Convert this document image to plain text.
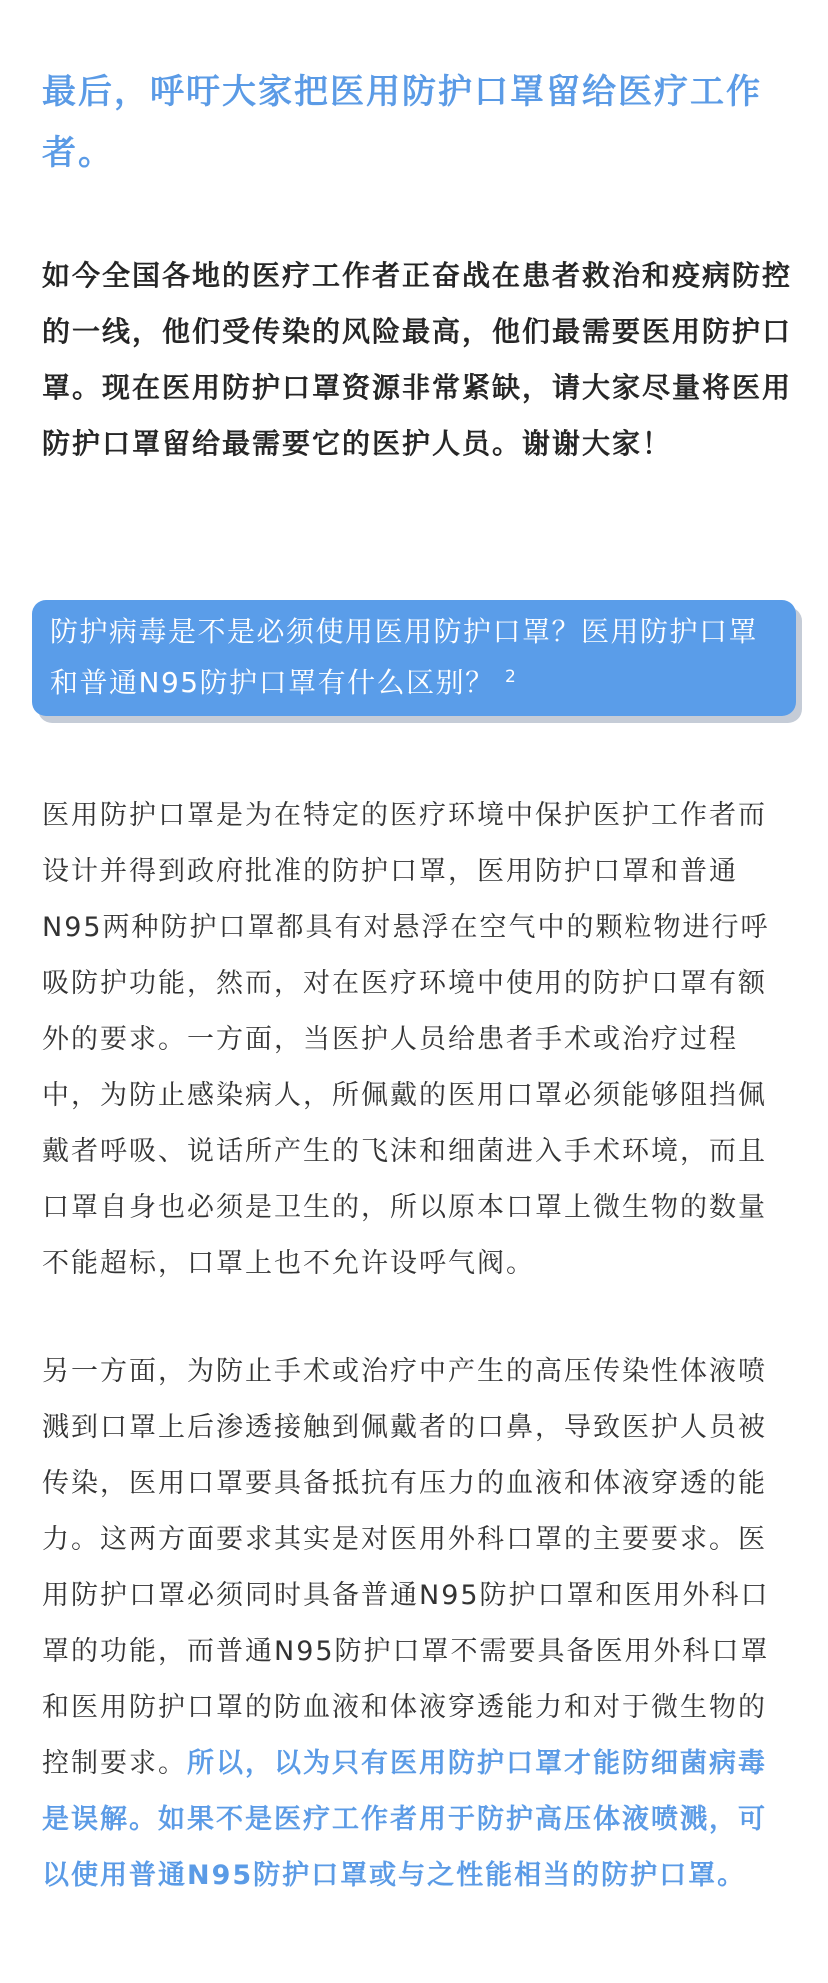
最后，呼吁大家把医用防护口罩留给医疗工作者。

如今全国各地的医疗工作者正奋战在患者救治和疫病防控的一线，他们受传染的风险最高，他们最需要医用防护口罩。现在医用防护口罩资源非常紧缺，请大家尽量将医用防护口罩留给最需要它的医护人员。谢谢大家！

防护病毒是不是必须使用医用防护口罩？医用防护口罩和普通N95防护口罩有什么区别？ $^2$

医用防护口罩是为在特定的医疗环境中保护医护工作者而设计并得到政府批准的防护口罩，医用防护口罩和普通N95两种防护口罩都具有对悬浮在空气中的颗粒物进行呼吸防护功能，然而，对在医疗环境中使用的防护口罩有额外的要求。一方面，当医护人员给患者手术或治疗过程中，为防止感染病人，所佩戴的医用口罩必须能够阻挡佩戴者呼吸、说话所产生的飞沫和细菌进入手术环境，而且口罩自身也必须是卫生的，所以原本口罩上微生物的数量不能超标，口罩上也不允许设呼气阀。

另一方面，为防止手术或治疗中产生的高压传染性体液喷溅到口罩上后渗透接触到佩戴者的口鼻，导致医护人员被传染，医用口罩要具备抵抗有压力的血液和体液穿透的能力。这两方面要求其实是对医用外科口罩的主要要求。医用防护口罩必须同时具备普通N95防护口罩和医用外科口罩的功能，而普通N95防护口罩不需要具备医用外科口罩和医用防护口罩的防血液和体液穿透能力和对于微生物的控制要求。所以，以为只有医用防护口罩才能防细菌病毒是误解。如果不是医疗工作者用于防护高压体液喷溅，可以使用普通N95防护口罩或与之性能相当的防护口罩。
